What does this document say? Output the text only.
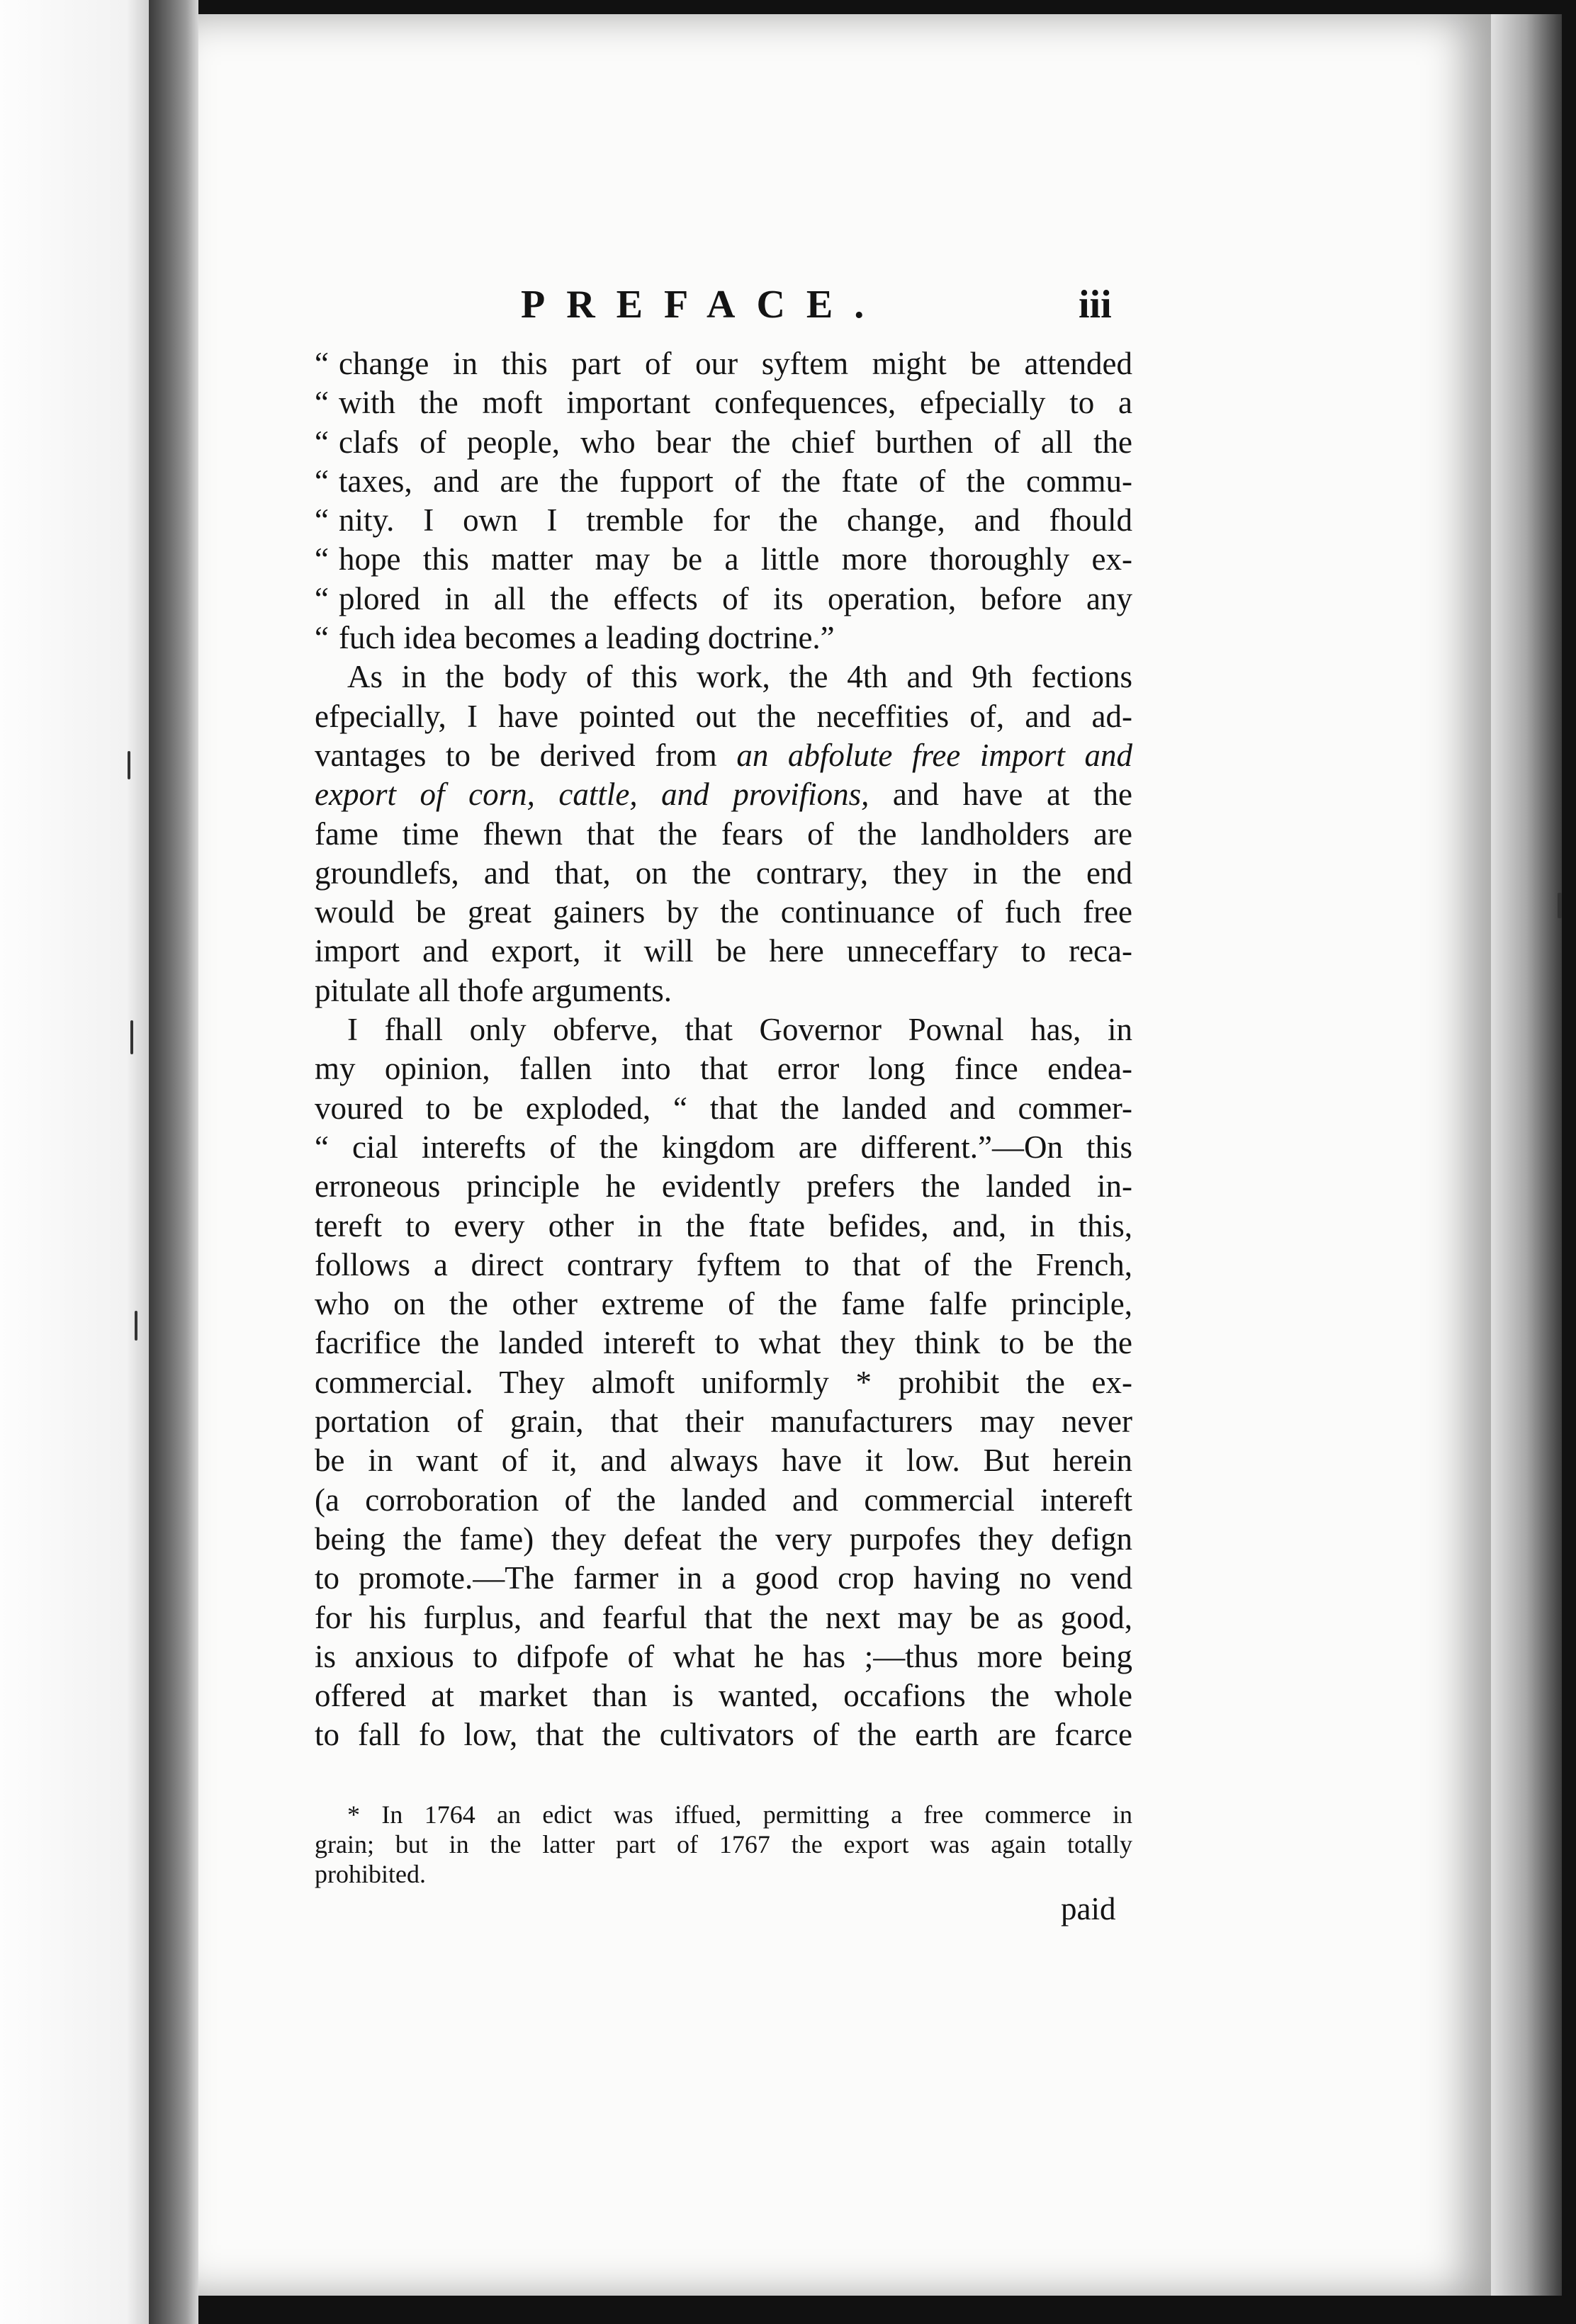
PREFACE.	iii
“ change in this part of our syftem might be attended
“ with the moft important confequences, efpecially to a
“ clafs of people, who bear the chief burthen of all the
“ taxes, and are the fupport of the ftate of the commu-
“ nity. I own I tremble for the change, and fhould
“ hope this matter may be a little more thoroughly ex-
“ plored in all the effects of its operation, before any
“ fuch idea becomes a leading doctrine.”
As in the body of this work, the 4th and 9th fections
efpecially, I have pointed out the neceffities of, and ad-
vantages to be derived from an abfolute free import and
export of corn, cattle, and provifions, and have at the
fame time fhewn that the fears of the landholders are
groundlefs, and that, on the contrary, they in the end
would be great gainers by the continuance of fuch free
import and export, it will be here unneceffary to reca-
pitulate all thofe arguments.
I fhall only obferve, that Governor Pownal has, in
my opinion, fallen into that error long fince endea-
voured to be exploded, “ that the landed and commer-
“ cial interefts of the kingdom are different.”—On this
erroneous principle he evidently prefers the landed in-
tereft to every other in the ftate befides, and, in this,
follows a direct contrary fyftem to that of the French,
who on the other extreme of the fame falfe principle,
facrifice the landed intereft to what they think to be the
commercial. They almoft uniformly * prohibit the ex-
portation of grain, that their manufacturers may never
be in want of it, and always have it low. But herein
(a corroboration of the landed and commercial intereft
being the fame) they defeat the very purpofes they defign
to promote.—The farmer in a good crop having no vend
for his furplus, and fearful that the next may be as good,
is anxious to difpofe of what he has ;—thus more being
offered at market than is wanted, occafions the whole
to fall fo low, that the cultivators of the earth are fcarce
* In 1764 an edict was iffued, permitting a free commerce in
grain; but in the latter part of 1767 the export was again totally
prohibited.
paid
